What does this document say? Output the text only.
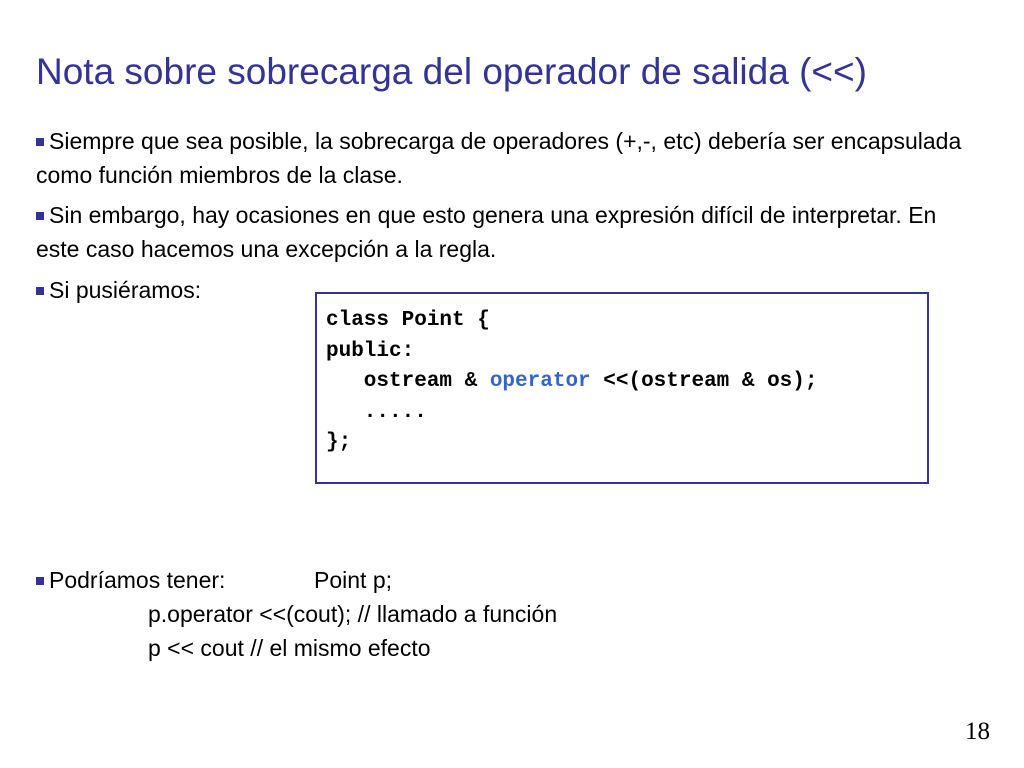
Nota sobre sobrecarga del operador de salida (<<)

Siempre que sea posible, la sobrecarga de operadores (+,-, etc) debería ser encapsulada como función miembros de la clase.

Sin embargo, hay ocasiones en que esto genera una expresión difícil de interpretar. En este caso hacemos una excepción a la regla.

Si pusiéramos:

class Point {
public:
ostream & operator <<(ostream & os);
.....
};

Podríamos tener:	Point p;

p.operator <<(cout); // llamado a función
p << cout // el mismo efecto
18
